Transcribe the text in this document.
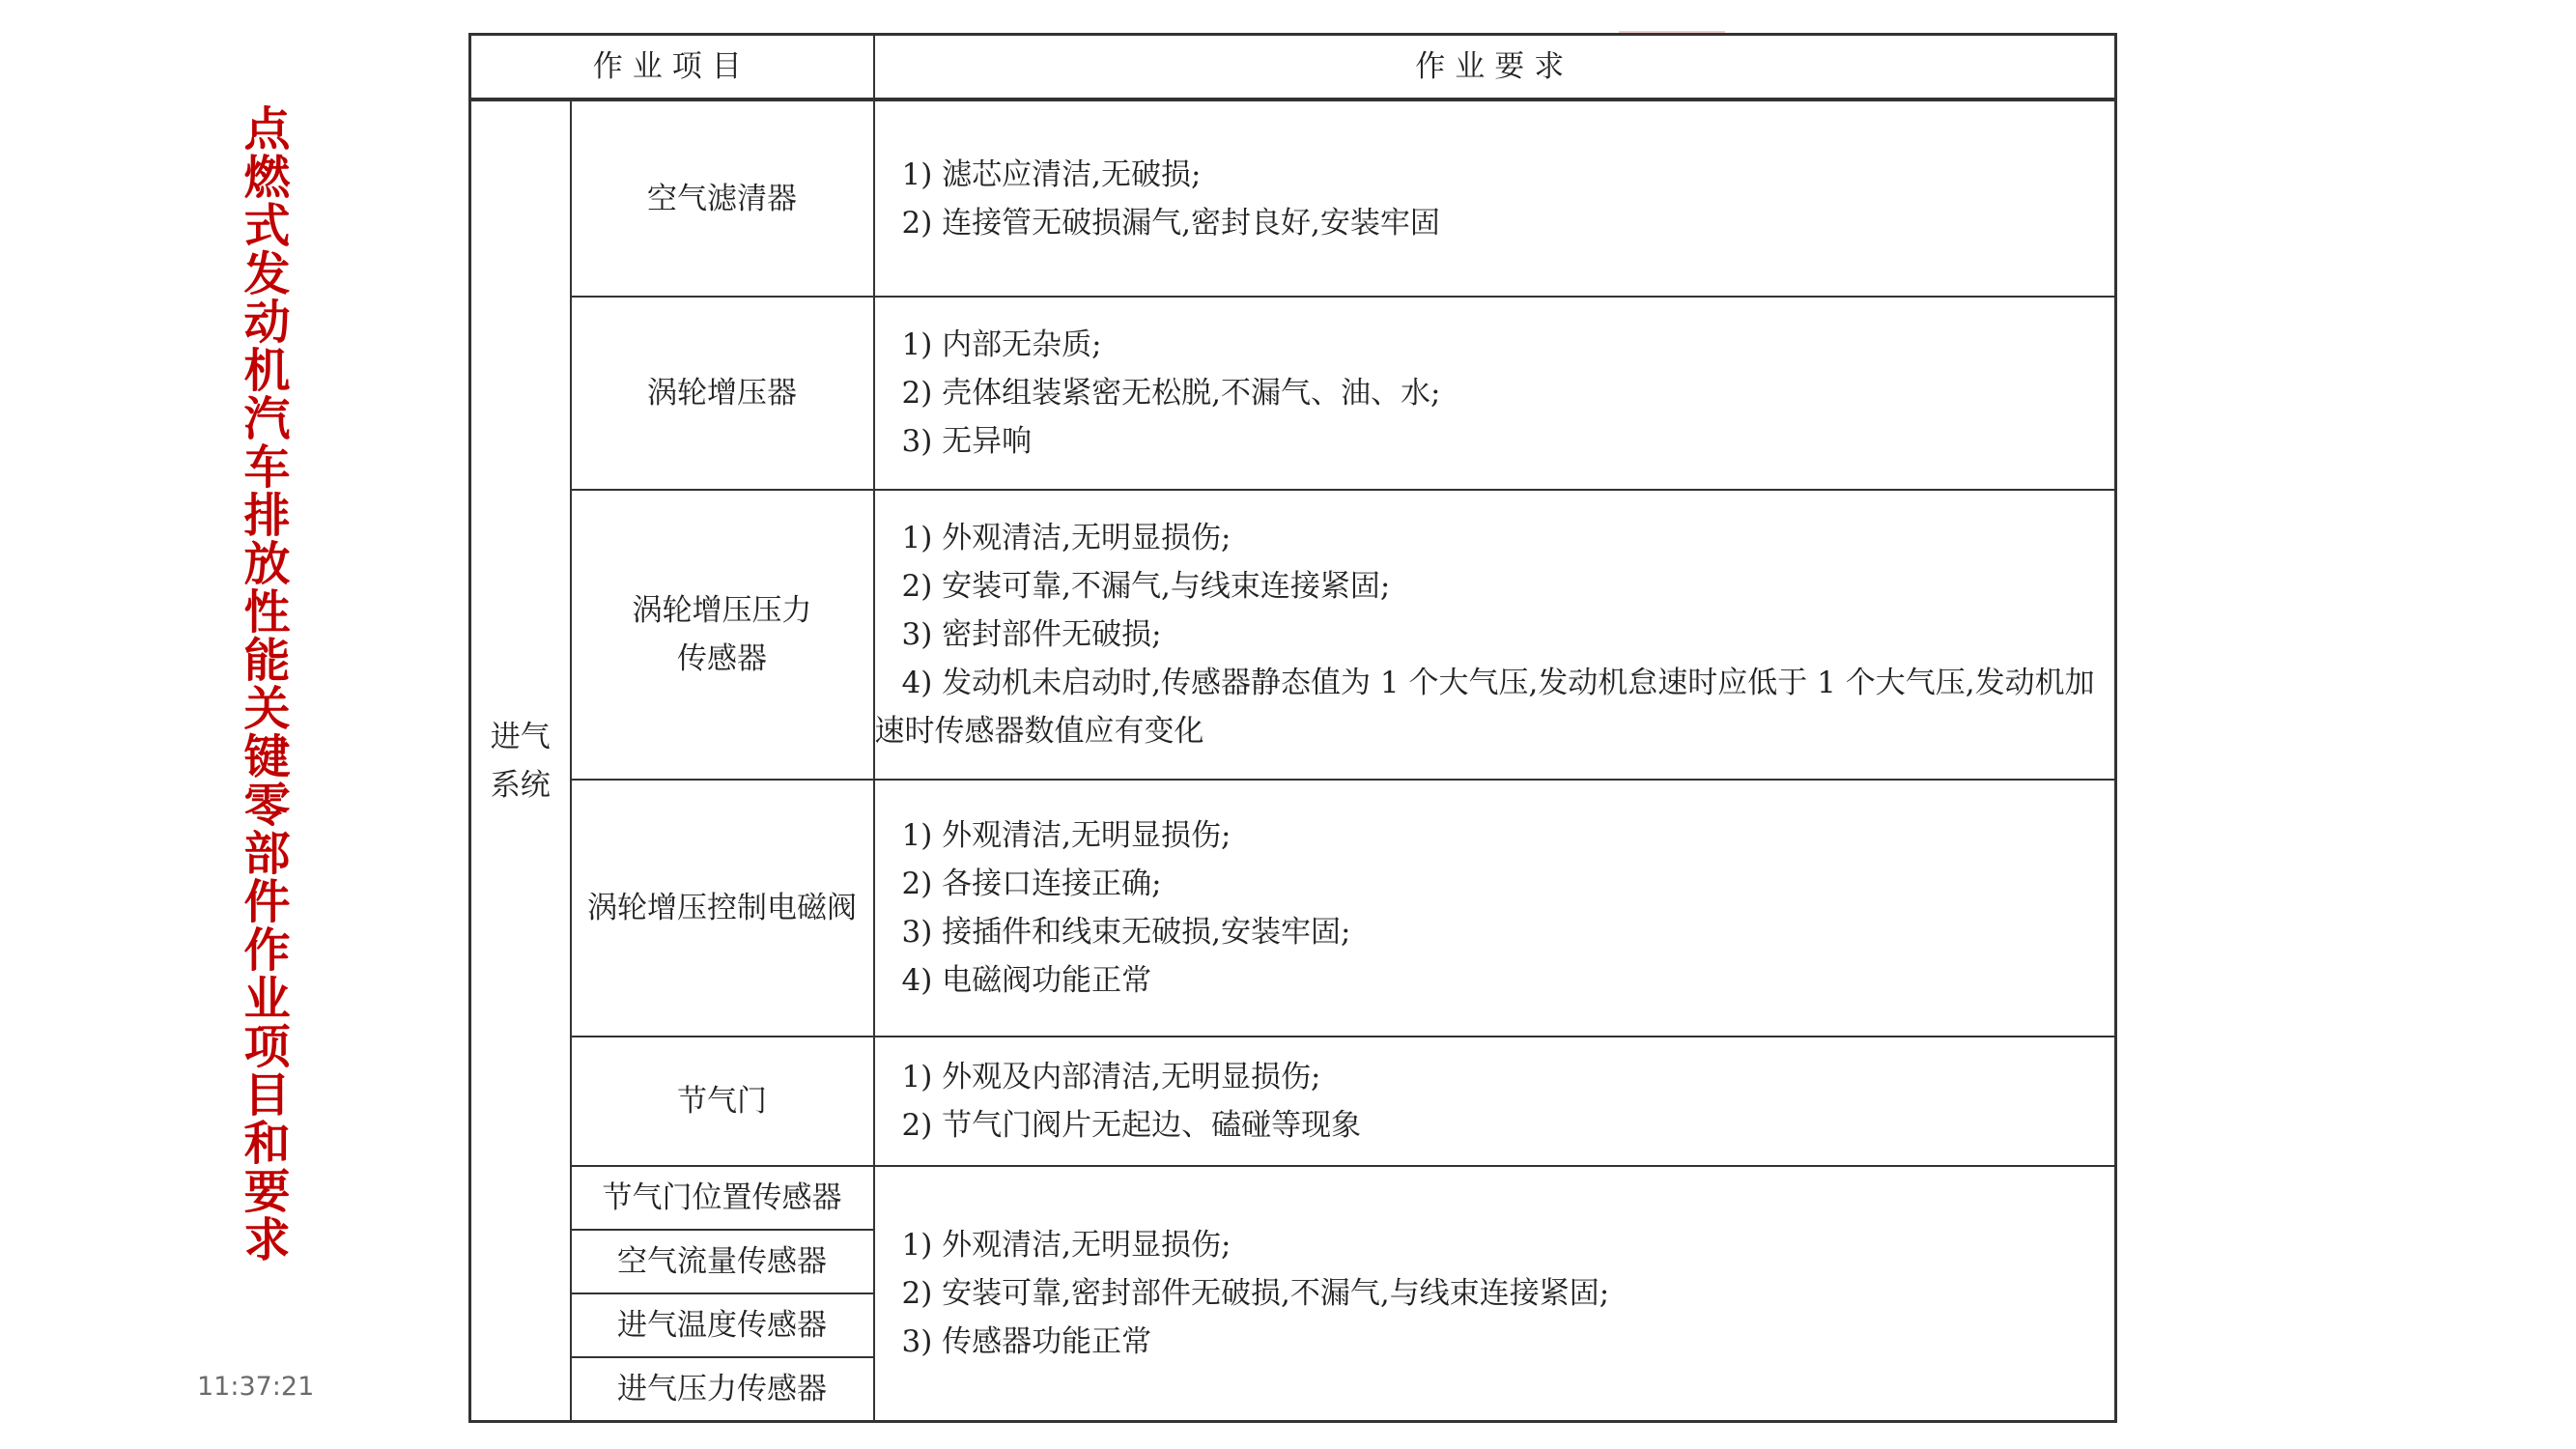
点燃式发动机汽车排放性能关键零部件作业项目和要求
11:37:21
作业项目		作业要求
进气
系统	空气滤清器	1) 滤芯应清洁,无破损;
2) 连接管无破损漏气,密封良好,安装牢固

	涡轮增压器	1) 内部无杂质;
2) 壳体组装紧密无松脱,不漏气、油、水;
3) 无异响

	涡轮增压压力
传感器	1) 外观清洁,无明显损伤;
2) 安装可靠,不漏气,与线束连接紧固;
3) 密封部件无破损;
4) 发动机未启动时,传感器静态值为 1 个大气压,发动机怠速时应低于 1 个大气压,发动机加速时传感器数值应有变化

	涡轮增压控制电磁阀	1) 外观清洁,无明显损伤;
2) 各接口连接正确;
3) 接插件和线束无破损,安装牢固;
4) 电磁阀功能正常

	节气门	1) 外观及内部清洁,无明显损伤;
2) 节气门阀片无起边、磕碰等现象

	节气门位置传感器	1) 外观清洁,无明显损伤;
2) 安装可靠,密封部件无破损,不漏气,与线束连接紧固;
3) 传感器功能正常

	空气流量传感器	
	进气温度传感器	
	进气压力传感器	
